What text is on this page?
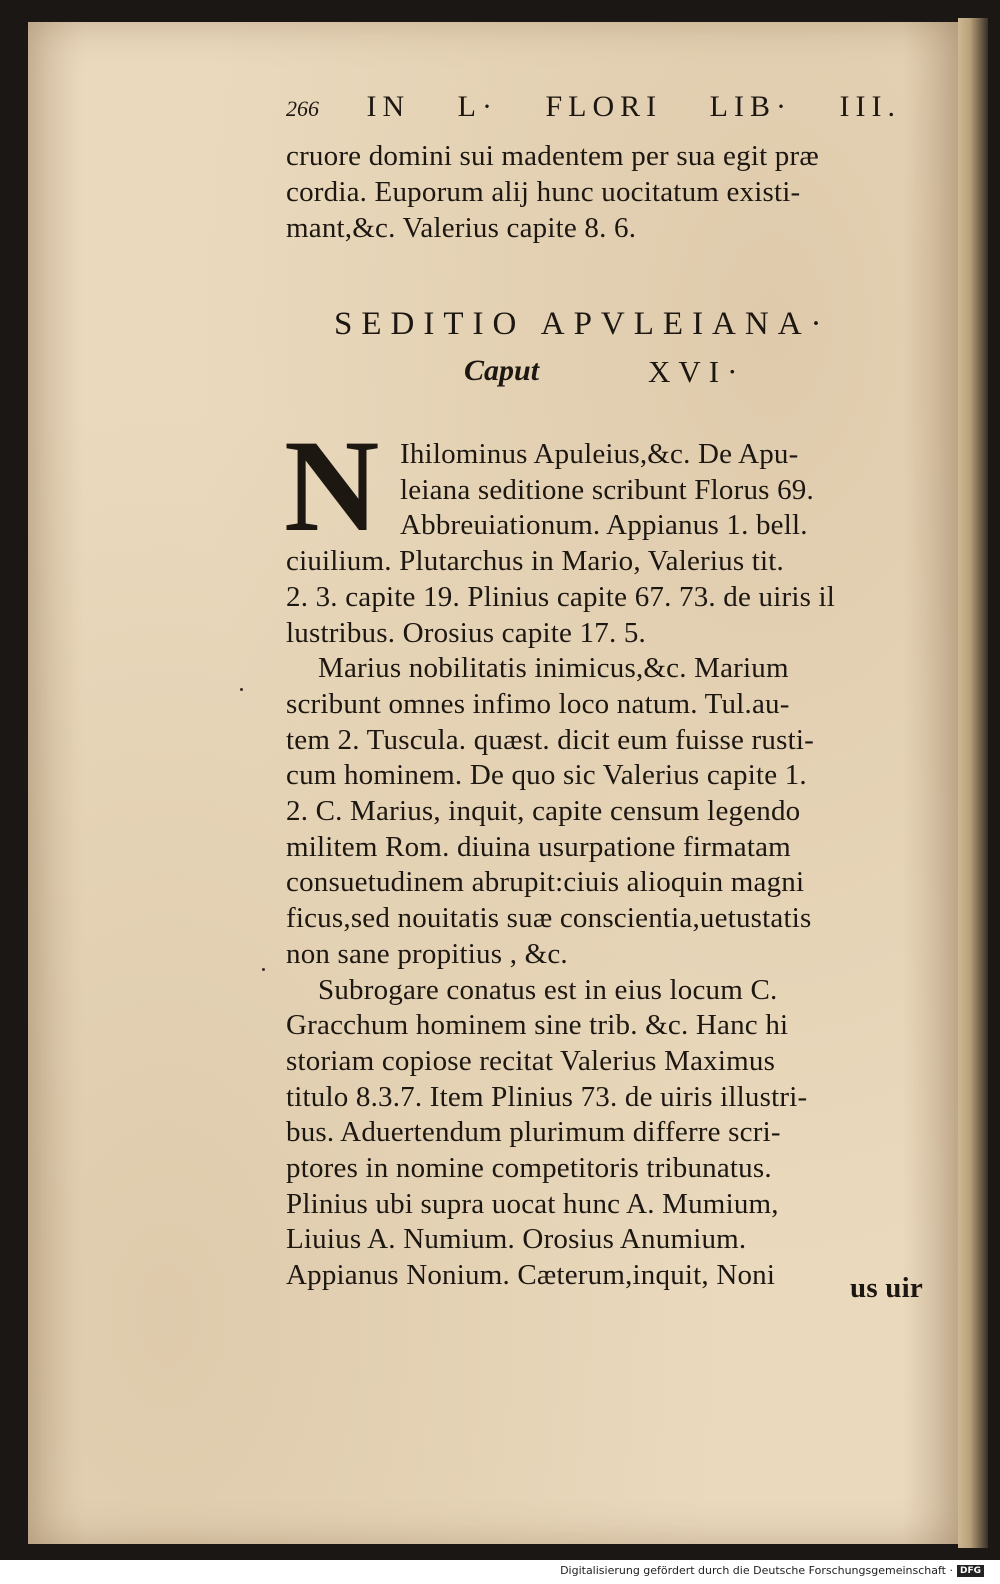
266 IN L· FLORI LIB· III.
cruore domini sui madentem per sua egit præ
cordia. Euporum alij hunc uocitatum existi-
mant,&c. Valerius capite 8. 6.
SEDITIO APVLEIANA·
Caput	XVI·
N Ihilominus Apuleius,&c. De Apu-
leiana seditione scribunt Florus 69.
Abbreuiationum. Appianus 1. bell.
ciuilium. Plutarchus in Mario, Valerius tit.
2. 3. capite 19. Plinius capite 67. 73. de uiris il
lustribus. Orosius capite 17. 5.
Marius nobilitatis inimicus,&c. Marium
scribunt omnes infimo loco natum. Tul.au-
tem 2. Tuscula. quæst. dicit eum fuisse rusti-
cum hominem. De quo sic Valerius capite 1.
2. C. Marius, inquit, capite censum legendo
militem Rom. diuina usurpatione firmatam
consuetudinem abrupit:ciuis alioquin magni
ficus,sed nouitatis suæ conscientia,uetustatis
non sane propitius , &c.
Subrogare conatus est in eius locum C.
Gracchum hominem sine trib. &c. Hanc hi
storiam copiose recitat Valerius Maximus
titulo 8.3.7. Item Plinius 73. de uiris illustri-
bus. Aduertendum plurimum differre scri-
ptores in nomine competitoris tribunatus.
Plinius ubi supra uocat hunc A. Mumium,
Liuius A. Numium. Orosius Anumium.
Appianus Nonium. Cæterum,inquit, Noni	us uir
Digitalisierung gefördert durch die Deutsche Forschungsgemeinschaft · DFG
